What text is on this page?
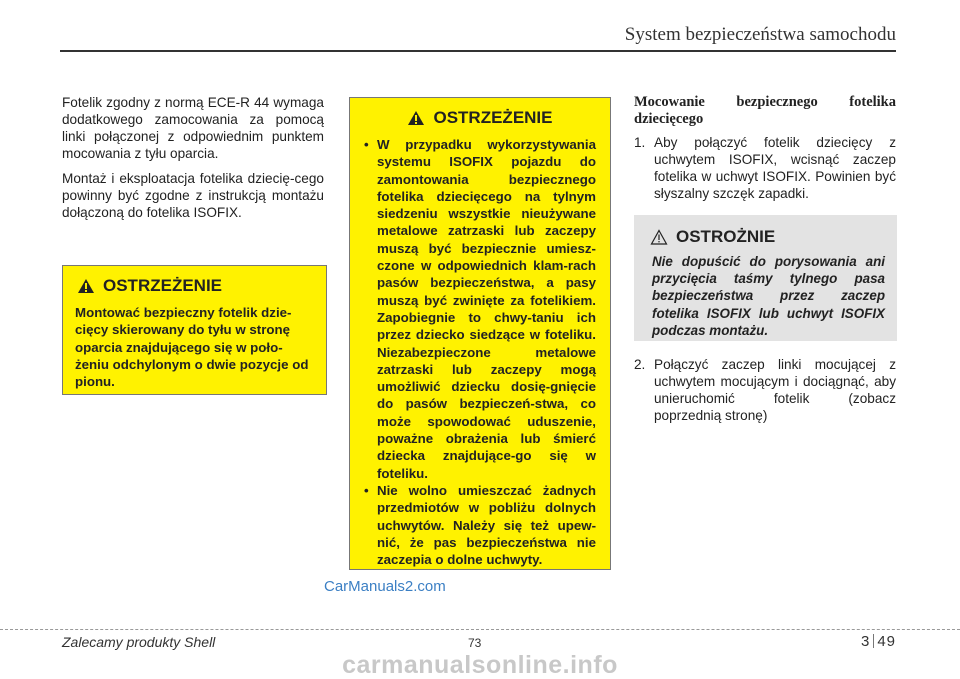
System bezpieczeństwa samochodu

Fotelik zgodny z normą ECE-R 44 wymaga dodatkowego zamocowania za pomocą linki połączonej z odpowiednim punktem mocowania z tyłu oparcia.

Montaż i eksploatacja fotelika dziecię-cego powinny być zgodne z instrukcją montażu dołączoną do fotelika ISOFIX.

OSTRZEŻENIE
Montować bezpieczny fotelik dzie-cięcy skierowany do tyłu w stronę oparcia znajdującego się w poło-żeniu odchylonym o dwie pozycje od pionu.
OSTRZEŻENIE
• W przypadku wykorzystywania systemu ISOFIX pojazdu do zamontowania bezpiecznego fotelika dziecięcego na tylnym siedzeniu wszystkie nieużywane metalowe zatrzaski lub zaczepy muszą być bezpiecznie umiesz-czone w odpowiednich klam-rach pasów bezpieczeństwa, a pasy muszą być zwinięte za fotelikiem. Zapobiegnie to chwy-taniu ich przez dziecko siedzące w foteliku. Niezabezpieczone metalowe zatrzaski lub zaczepy mogą umożliwić dziecku dosię-gnięcie do pasów bezpieczeń-stwa, co może spowodować uduszenie, poważne obrażenia lub śmierć dziecka znajdujące-go się w foteliku.
• Nie wolno umieszczać żadnych przedmiotów w pobliżu dolnych uchwytów. Należy się też upew-nić, że pas bezpieczeństwa nie zaczepia o dolne uchwyty.
Mocowanie bezpiecznego fotelika dziecięcego
1. Aby połączyć fotelik dziecięcy z uchwytem ISOFIX, wcisnąć zaczep fotelika w uchwyt ISOFIX. Powinien być słyszalny szczęk zapadki.
OSTROŻNIE
Nie dopuścić do porysowania ani przycięcia taśmy tylnego pasa bezpieczeństwa przez zaczep fotelika ISOFIX lub uchwyt ISOFIX podczas montażu.
2. Połączyć zaczep linki mocującej z uchwytem mocującym i dociągnąć, aby unieruchomić fotelik (zobacz poprzednią stronę)
CarManuals2.com
Zalecamy produkty Shell	73	3 49
carmanualsonline.info
